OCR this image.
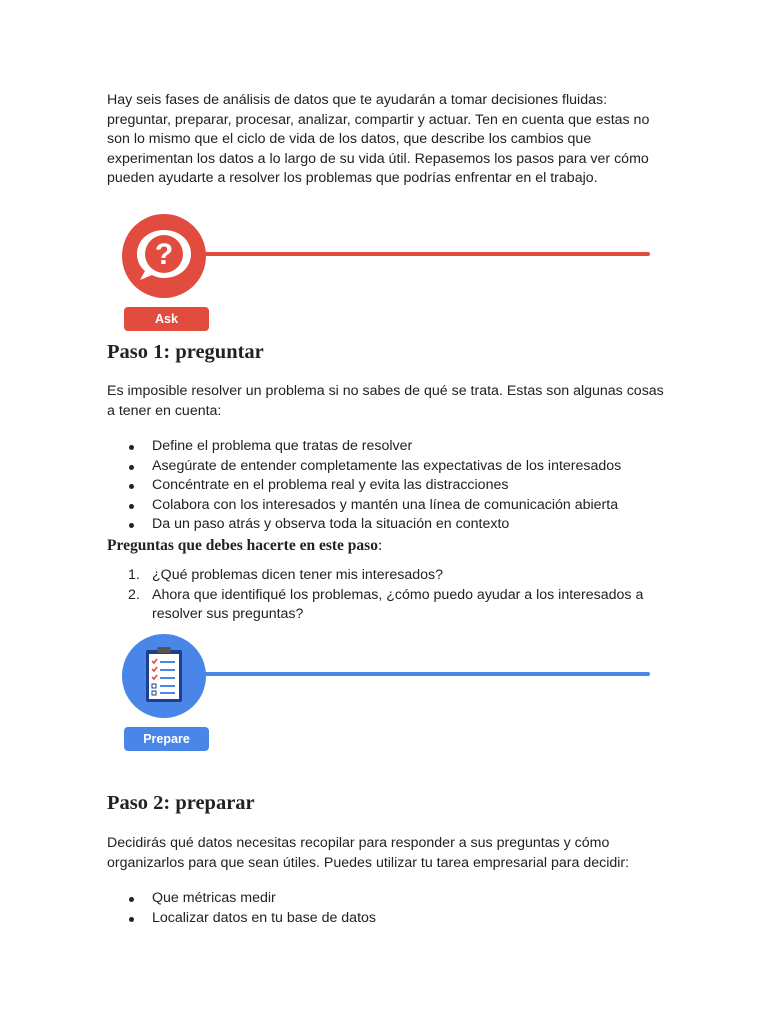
Hay seis fases de análisis de datos que te ayudarán a tomar decisiones fluidas: preguntar, preparar, procesar, analizar, compartir y actuar. Ten en cuenta que estas no son lo mismo que el ciclo de vida de los datos, que describe los cambios que experimentan los datos a lo largo de su vida útil. Repasemos los pasos para ver cómo pueden ayudarte a resolver los problemas que podrías enfrentar en el trabajo.

?
Ask
Paso 1: preguntar

Es imposible resolver un problema si no sabes de qué se trata. Estas son algunas cosas a tener en cuenta:

Define el problema que tratas de resolver
Asegúrate de entender completamente las expectativas de los interesados
Concéntrate en el problema real y evita las distracciones
Colabora con los interesados y mantén una línea de comunicación abierta
Da un paso atrás y observa toda la situación en contexto

Preguntas que debes hacerte en este paso:

1. ¿Qué problemas dicen tener mis interesados?
2. Ahora que identifiqué los problemas, ¿cómo puedo ayudar a los interesados a resolver sus preguntas?
Prepare
Paso 2: preparar

Decidirás qué datos necesitas recopilar para responder a sus preguntas y cómo organizarlos para que sean útiles. Puedes utilizar tu tarea empresarial para decidir:

Que métricas medir
Localizar datos en tu base de datos
